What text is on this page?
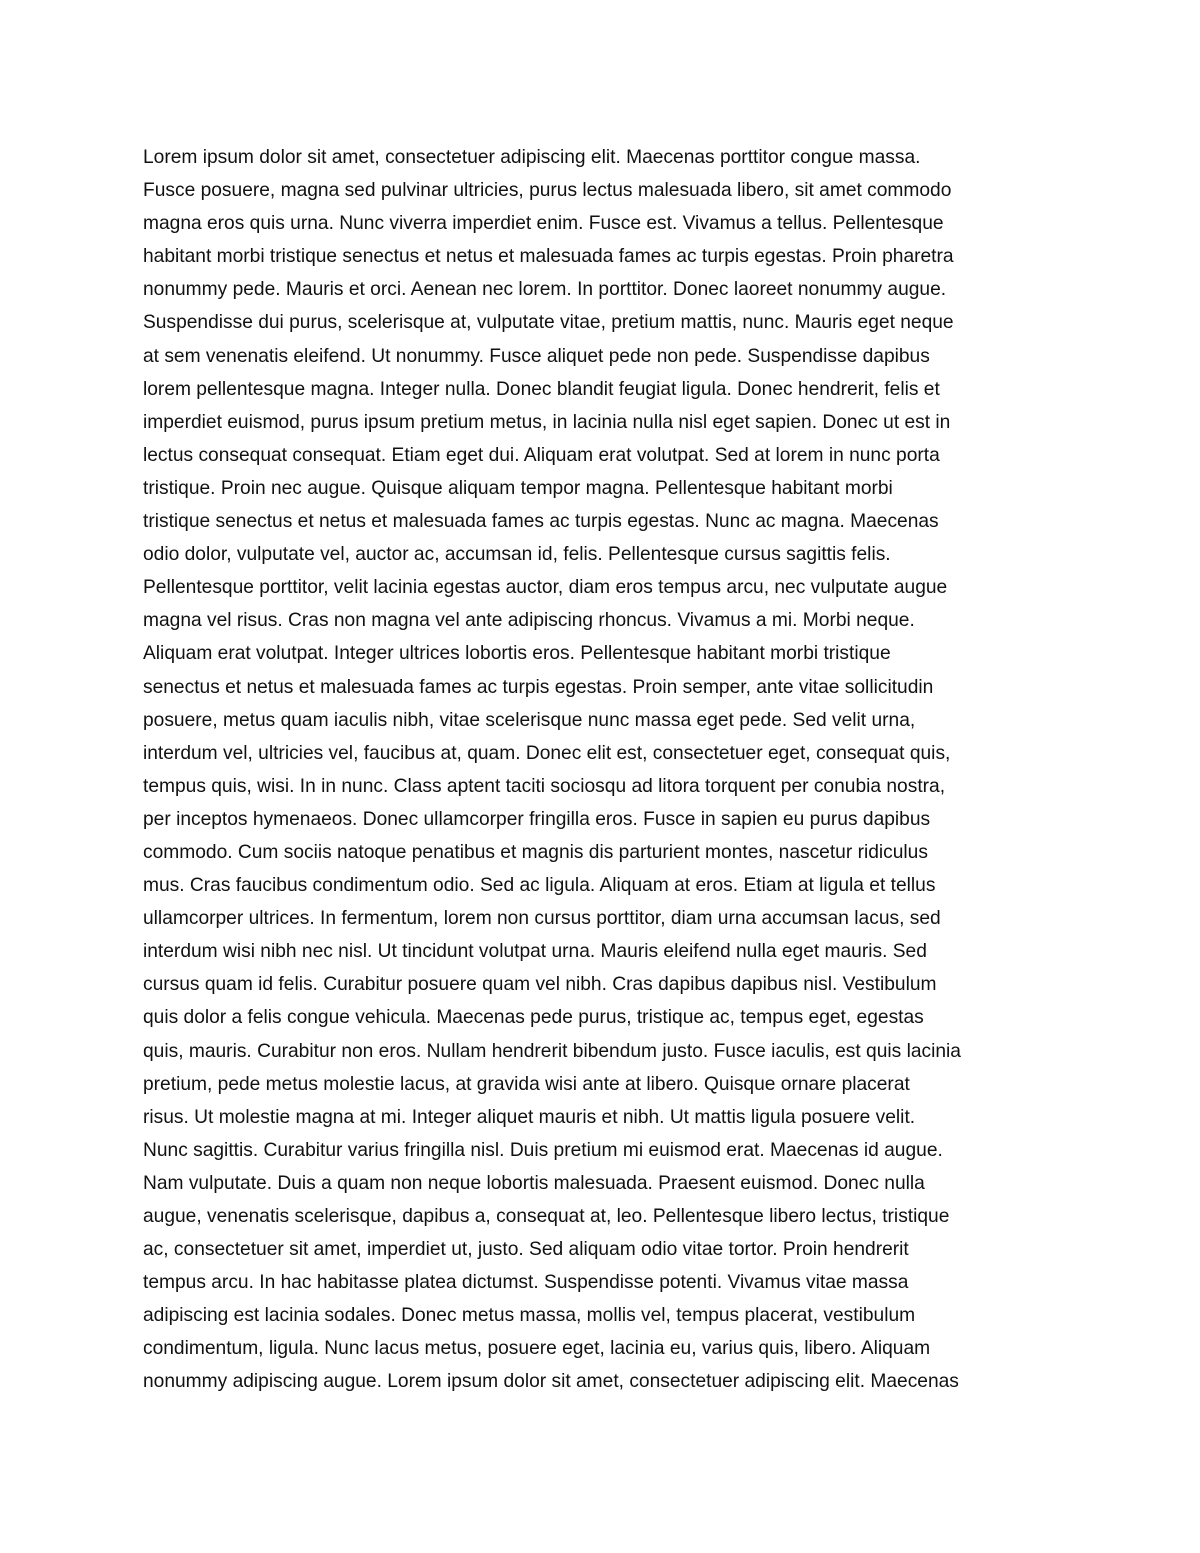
Lorem ipsum dolor sit amet, consectetuer adipiscing elit. Maecenas porttitor congue massa.
Fusce posuere, magna sed pulvinar ultricies, purus lectus malesuada libero, sit amet commodo
magna eros quis urna. Nunc viverra imperdiet enim. Fusce est. Vivamus a tellus. Pellentesque
habitant morbi tristique senectus et netus et malesuada fames ac turpis egestas. Proin pharetra
nonummy pede. Mauris et orci. Aenean nec lorem. In porttitor. Donec laoreet nonummy augue.
Suspendisse dui purus, scelerisque at, vulputate vitae, pretium mattis, nunc. Mauris eget neque
at sem venenatis eleifend. Ut nonummy. Fusce aliquet pede non pede. Suspendisse dapibus
lorem pellentesque magna. Integer nulla. Donec blandit feugiat ligula. Donec hendrerit, felis et
imperdiet euismod, purus ipsum pretium metus, in lacinia nulla nisl eget sapien. Donec ut est in
lectus consequat consequat. Etiam eget dui. Aliquam erat volutpat. Sed at lorem in nunc porta
tristique. Proin nec augue. Quisque aliquam tempor magna. Pellentesque habitant morbi
tristique senectus et netus et malesuada fames ac turpis egestas. Nunc ac magna. Maecenas
odio dolor, vulputate vel, auctor ac, accumsan id, felis. Pellentesque cursus sagittis felis.
Pellentesque porttitor, velit lacinia egestas auctor, diam eros tempus arcu, nec vulputate augue
magna vel risus. Cras non magna vel ante adipiscing rhoncus. Vivamus a mi. Morbi neque.
Aliquam erat volutpat. Integer ultrices lobortis eros. Pellentesque habitant morbi tristique
senectus et netus et malesuada fames ac turpis egestas. Proin semper, ante vitae sollicitudin
posuere, metus quam iaculis nibh, vitae scelerisque nunc massa eget pede. Sed velit urna,
interdum vel, ultricies vel, faucibus at, quam. Donec elit est, consectetuer eget, consequat quis,
tempus quis, wisi. In in nunc. Class aptent taciti sociosqu ad litora torquent per conubia nostra,
per inceptos hymenaeos. Donec ullamcorper fringilla eros. Fusce in sapien eu purus dapibus
commodo. Cum sociis natoque penatibus et magnis dis parturient montes, nascetur ridiculus
mus. Cras faucibus condimentum odio. Sed ac ligula. Aliquam at eros. Etiam at ligula et tellus
ullamcorper ultrices. In fermentum, lorem non cursus porttitor, diam urna accumsan lacus, sed
interdum wisi nibh nec nisl. Ut tincidunt volutpat urna. Mauris eleifend nulla eget mauris. Sed
cursus quam id felis. Curabitur posuere quam vel nibh. Cras dapibus dapibus nisl. Vestibulum
quis dolor a felis congue vehicula. Maecenas pede purus, tristique ac, tempus eget, egestas
quis, mauris. Curabitur non eros. Nullam hendrerit bibendum justo. Fusce iaculis, est quis lacinia
pretium, pede metus molestie lacus, at gravida wisi ante at libero. Quisque ornare placerat
risus. Ut molestie magna at mi. Integer aliquet mauris et nibh. Ut mattis ligula posuere velit.
Nunc sagittis. Curabitur varius fringilla nisl. Duis pretium mi euismod erat. Maecenas id augue.
Nam vulputate. Duis a quam non neque lobortis malesuada. Praesent euismod. Donec nulla
augue, venenatis scelerisque, dapibus a, consequat at, leo. Pellentesque libero lectus, tristique
ac, consectetuer sit amet, imperdiet ut, justo. Sed aliquam odio vitae tortor. Proin hendrerit
tempus arcu. In hac habitasse platea dictumst. Suspendisse potenti. Vivamus vitae massa
adipiscing est lacinia sodales. Donec metus massa, mollis vel, tempus placerat, vestibulum
condimentum, ligula. Nunc lacus metus, posuere eget, lacinia eu, varius quis, libero. Aliquam
nonummy adipiscing augue. Lorem ipsum dolor sit amet, consectetuer adipiscing elit. Maecenas
